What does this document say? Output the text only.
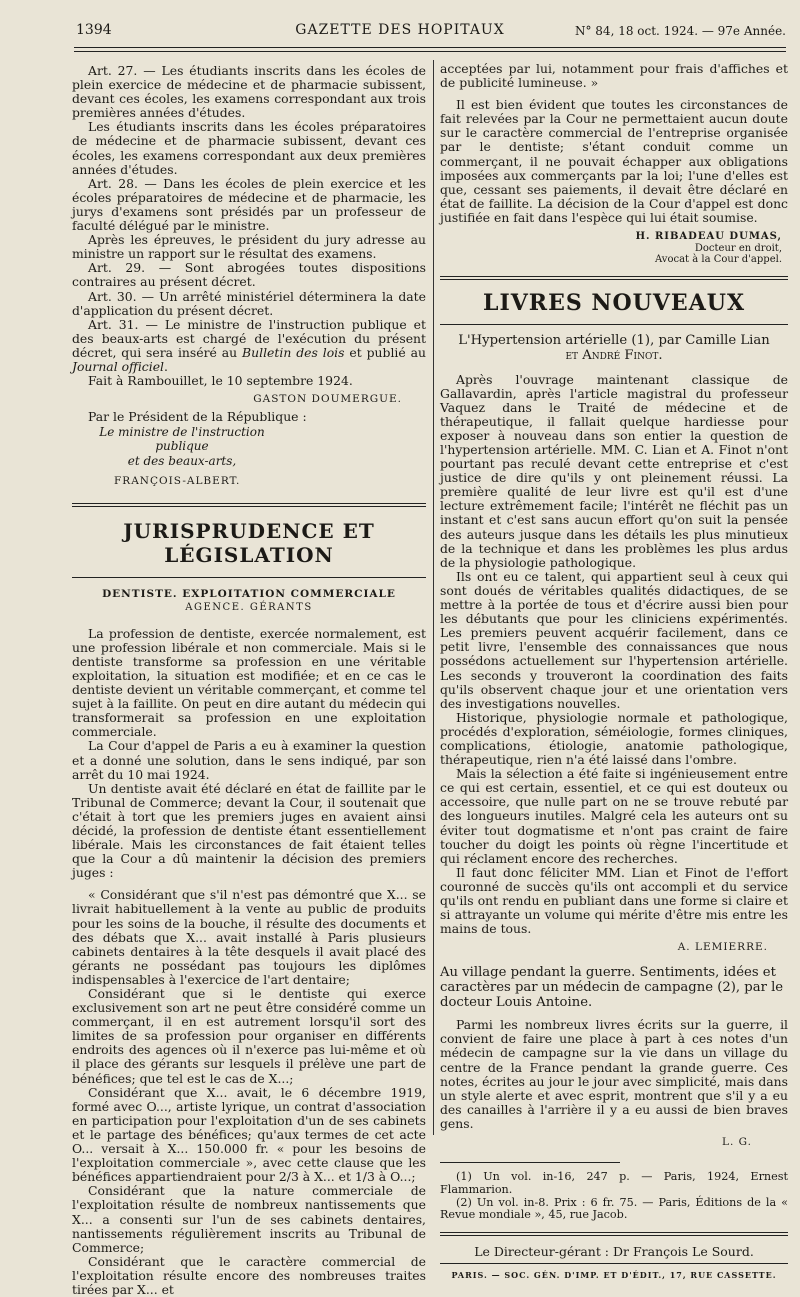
1394	GAZETTE DES HOPITAUX	N° 84, 18 oct. 1924. — 97e Année.

Art. 27. — Les étudiants inscrits dans les écoles de plein exercice de médecine et de pharmacie subissent, devant ces écoles, les examens correspondant aux trois premières années d'études.

Les étudiants inscrits dans les écoles préparatoires de médecine et de pharmacie subissent, devant ces écoles, les examens correspondant aux deux premières années d'études.

Art. 28. — Dans les écoles de plein exercice et les écoles préparatoires de médecine et de pharmacie, les jurys d'examens sont présidés par un professeur de faculté délégué par le ministre.

Après les épreuves, le président du jury adresse au ministre un rapport sur le résultat des examens.

Art. 29. — Sont abrogées toutes dispositions contraires au présent décret.

Art. 30. — Un arrêté ministériel déterminera la date d'application du présent décret.

Art. 31. — Le ministre de l'instruction publique et des beaux-arts est chargé de l'exécution du présent décret, qui sera inséré au Bulletin des lois et publié au Journal officiel.

Fait à Rambouillet, le 10 septembre 1924.

GASTON DOUMERGUE.
Par le Président de la République :
Le ministre de l'instruction publique
et des beaux-arts,
FRANÇOIS-ALBERT.
JURISPRUDENCE ET LÉGISLATION
DENTISTE. EXPLOITATION COMMERCIALE
AGENCE. GÉRANTS

La profession de dentiste, exercée normalement, est une profession libérale et non commerciale. Mais si le dentiste transforme sa profession en une véritable exploitation, la situation est modifiée; et en ce cas le dentiste devient un véritable commerçant, et comme tel sujet à la faillite. On peut en dire autant du médecin qui transformerait sa profession en une exploitation commerciale.

La Cour d'appel de Paris a eu à examiner la question et a donné une solution, dans le sens indiqué, par son arrêt du 10 mai 1924.

Un dentiste avait été déclaré en état de faillite par le Tribunal de Commerce; devant la Cour, il soutenait que c'était à tort que les premiers juges en avaient ainsi décidé, la profession de dentiste étant essentiellement libérale. Mais les circonstances de fait étaient telles que la Cour a dû maintenir la décision des premiers juges :

« Considérant que s'il n'est pas démontré que X... se livrait habituellement à la vente au public de produits pour les soins de la bouche, il résulte des documents et des débats que X... avait installé à Paris plusieurs cabinets dentaires à la tête desquels il avait placé des gérants ne possédant pas toujours les diplômes indispensables à l'exercice de l'art dentaire;

Considérant que si le dentiste qui exerce exclusivement son art ne peut être considéré comme un commerçant, il en est autrement lorsqu'il sort des limites de sa profession pour organiser en différents endroits des agences où il n'exerce pas lui-même et où il place des gérants sur lesquels il prélève une part de bénéfices; que tel est le cas de X...;

Considérant que X... avait, le 6 décembre 1919, formé avec O..., artiste lyrique, un contrat d'association en participation pour l'exploitation d'un de ses cabinets et le partage des bénéfices; qu'aux termes de cet acte O... versait à X... 150.000 fr. « pour les besoins de l'exploitation commerciale », avec cette clause que les bénéfices appartiendraient pour 2/3 à X... et 1/3 à O...;

Considérant que la nature commerciale de l'exploitation résulte de nombreux nantissements que X... a consenti sur l'un de ses cabinets dentaires, nantissements régulièrement inscrits au Tribunal de Commerce;

Considérant que le caractère commercial de l'exploitation résulte encore des nombreuses traites tirées par X... et

acceptées par lui, notamment pour frais d'affiches et de publicité lumineuse. »

Il est bien évident que toutes les circonstances de fait relevées par la Cour ne permettaient aucun doute sur le caractère commercial de l'entreprise organisée par le dentiste; s'étant conduit comme un commerçant, il ne pouvait échapper aux obligations imposées aux commerçants par la loi; l'une d'elles est que, cessant ses paiements, il devait être déclaré en état de faillite. La décision de la Cour d'appel est donc justifiée en fait dans l'espèce qui lui était soumise.

H. RIBADEAU DUMAS,
Docteur en droit,
Avocat à la Cour d'appel.
LIVRES NOUVEAUX
L'Hypertension artérielle (1), par Camille Lian
et André Finot.

Après l'ouvrage maintenant classique de Gallavardin, après l'article magistral du professeur Vaquez dans le Traité de médecine et de thérapeutique, il fallait quelque hardiesse pour exposer à nouveau dans son entier la question de l'hypertension artérielle. MM. C. Lian et A. Finot n'ont pourtant pas reculé devant cette entreprise et c'est justice de dire qu'ils y ont pleinement réussi. La première qualité de leur livre est qu'il est d'une lecture extrêmement facile; l'intérêt ne fléchit pas un instant et c'est sans aucun effort qu'on suit la pensée des auteurs jusque dans les détails les plus minutieux de la technique et dans les problèmes les plus ardus de la physiologie pathologique.

Ils ont eu ce talent, qui appartient seul à ceux qui sont doués de véritables qualités didactiques, de se mettre à la portée de tous et d'écrire aussi bien pour les débutants que pour les cliniciens expérimentés. Les premiers peuvent acquérir facilement, dans ce petit livre, l'ensemble des connaissances que nous possédons actuellement sur l'hypertension artérielle. Les seconds y trouveront la coordination des faits qu'ils observent chaque jour et une orientation vers des investigations nouvelles.

Historique, physiologie normale et pathologique, procédés d'exploration, séméiologie, formes cliniques, complications, étiologie, anatomie pathologique, thérapeutique, rien n'a été laissé dans l'ombre.

Mais la sélection a été faite si ingénieusement entre ce qui est certain, essentiel, et ce qui est douteux ou accessoire, que nulle part on ne se trouve rebuté par des longueurs inutiles. Malgré cela les auteurs ont su éviter tout dogmatisme et n'ont pas craint de faire toucher du doigt les points où règne l'incertitude et qui réclament encore des recherches.

Il faut donc féliciter MM. Lian et Finot de l'effort couronné de succès qu'ils ont accompli et du service qu'ils ont rendu en publiant dans une forme si claire et si attrayante un volume qui mérite d'être mis entre les mains de tous.

A. LEMIERRE.
Au village pendant la guerre. Sentiments, idées et caractères par un médecin de campagne (2), par le docteur Louis Antoine.

Parmi les nombreux livres écrits sur la guerre, il convient de faire une place à part à ces notes d'un médecin de campagne sur la vie dans un village du centre de la France pendant la grande guerre. Ces notes, écrites au jour le jour avec simplicité, mais dans un style alerte et avec esprit, montrent que s'il y a eu des canailles à l'arrière il y a eu aussi de bien braves gens.

L. G.

(1) Un vol. in-16, 247 p. — Paris, 1924, Ernest Flammarion.

(2) Un vol. in-8. Prix : 6 fr. 75. — Paris, Éditions de la « Revue mondiale », 45, rue Jacob.

Le Directeur-gérant : Dr François Le Sourd.
PARIS. — SOC. GÉN. D'IMP. ET D'ÉDIT., 17, RUE CASSETTE.
